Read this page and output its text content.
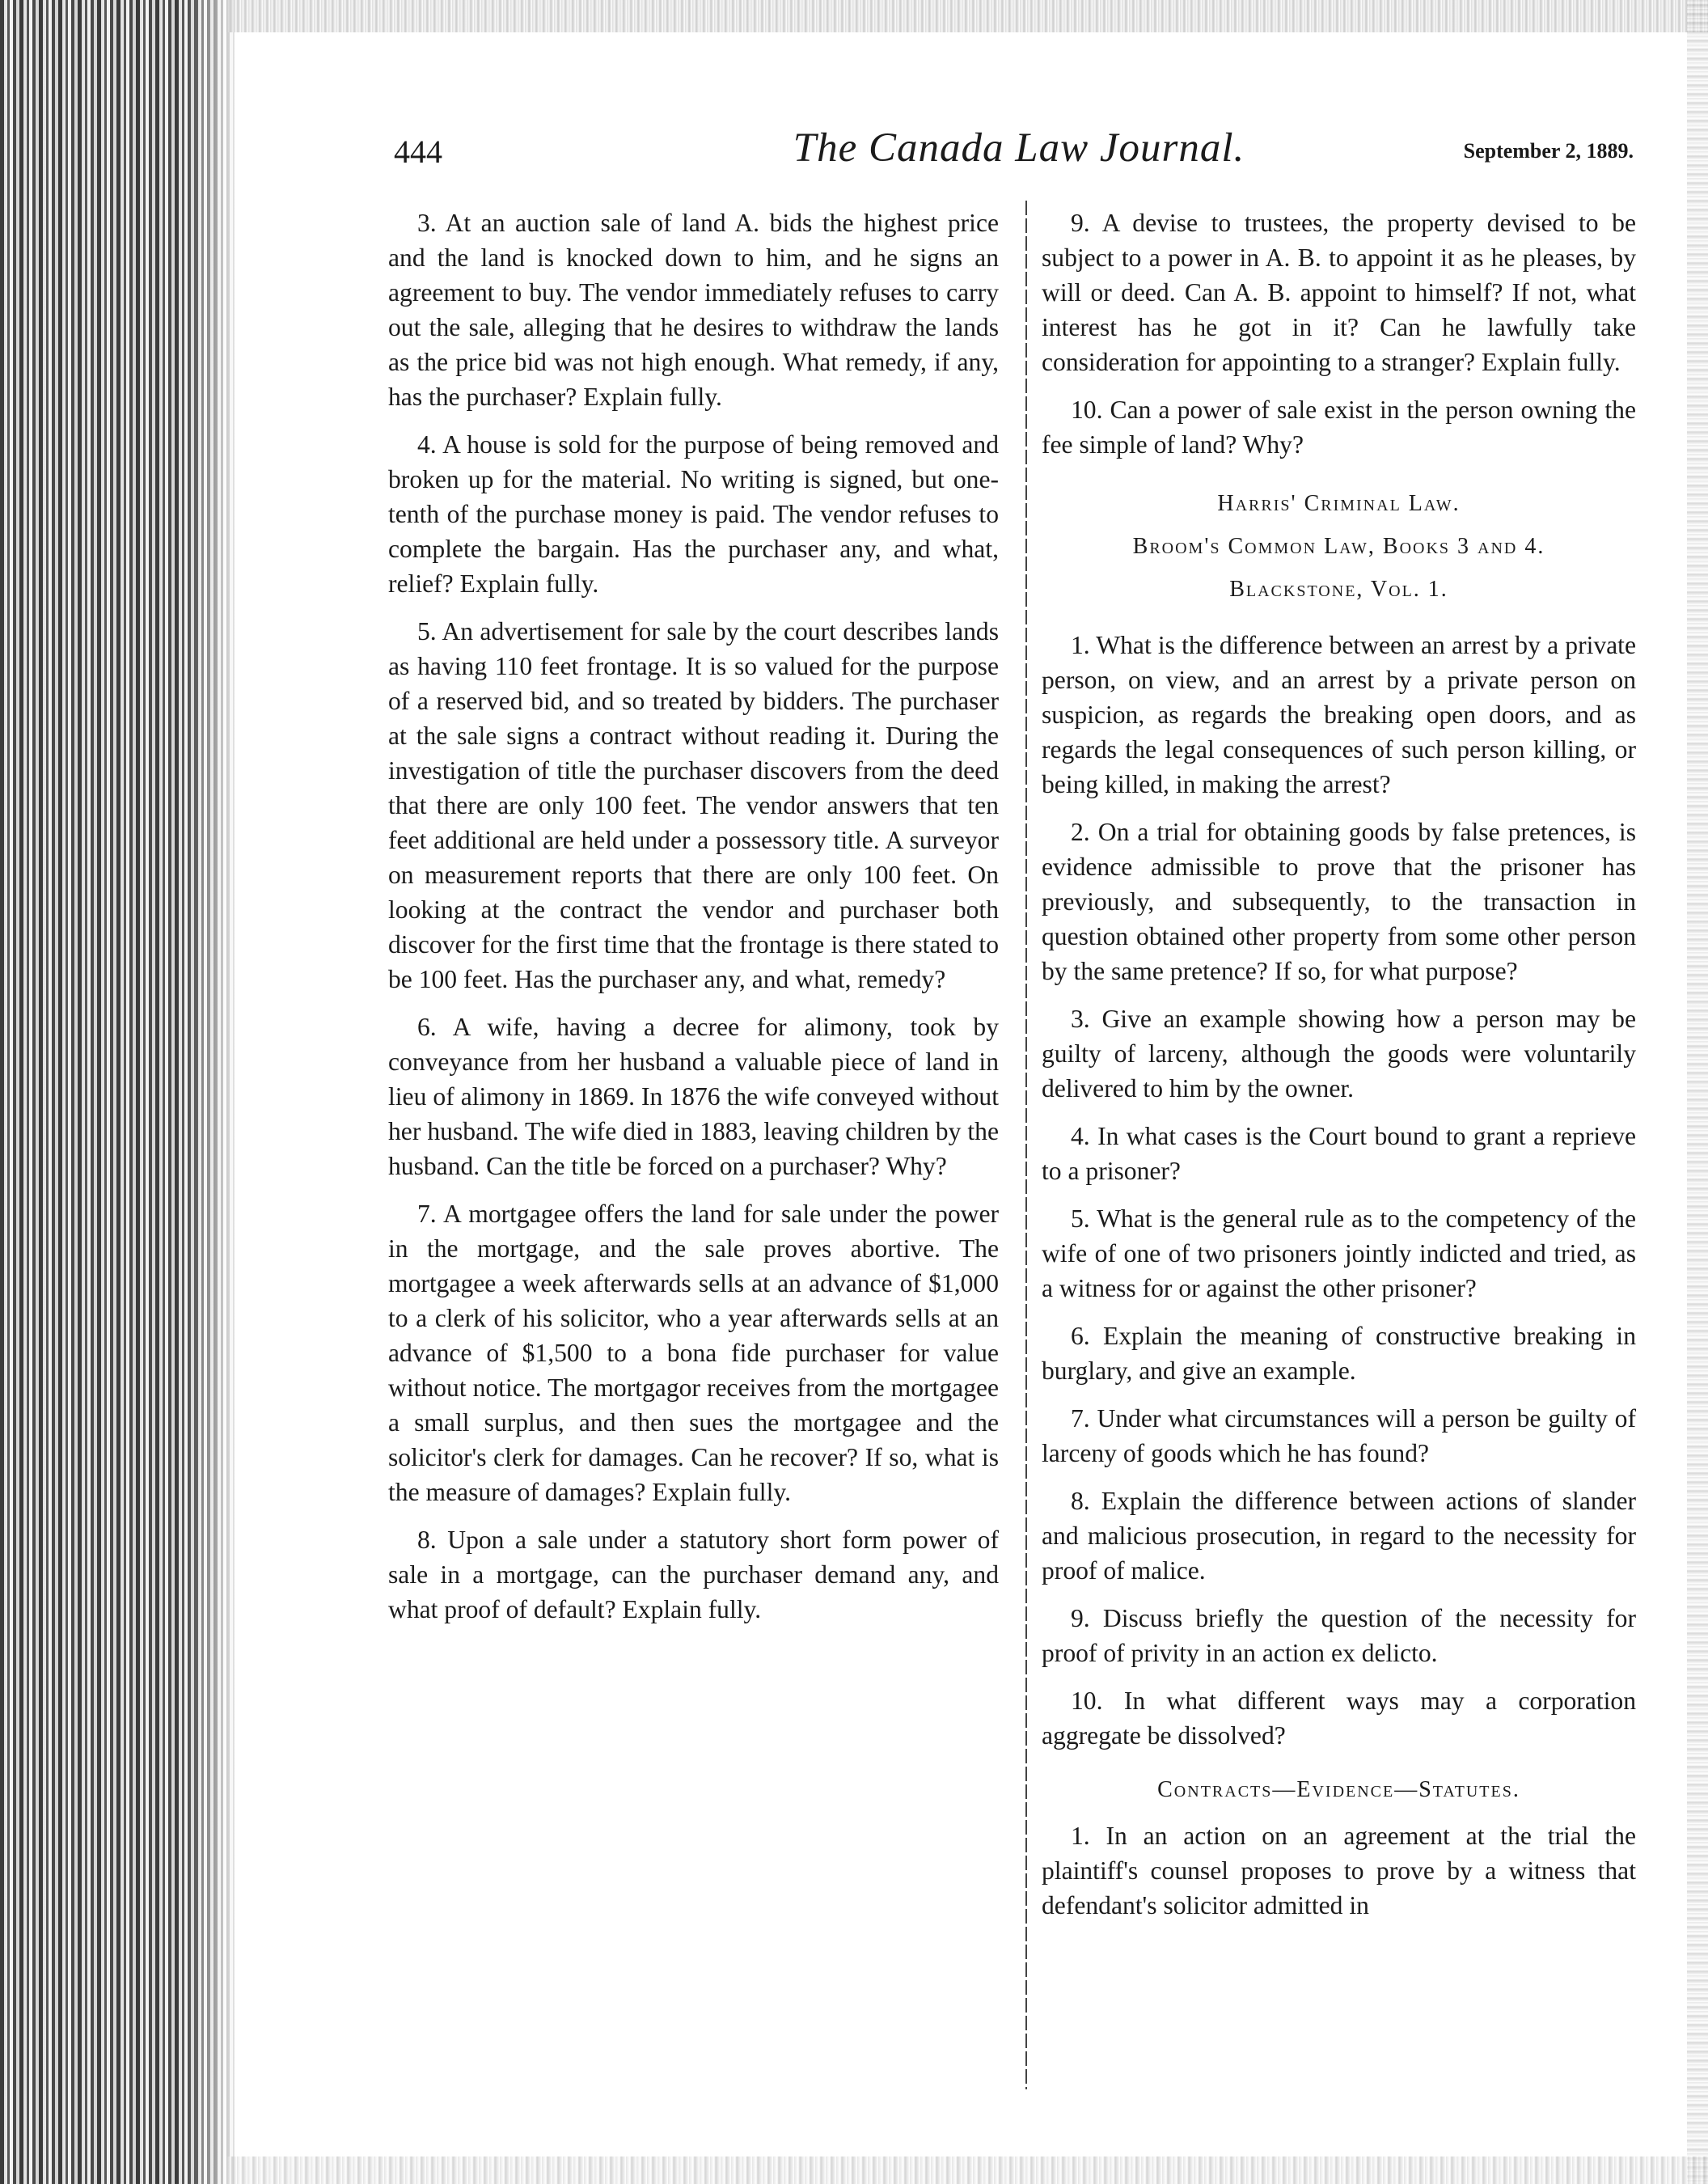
444	The Canada Law Journal.	September 2, 1889.

3. At an auction sale of land A. bids the highest price and the land is knocked down to him, and he signs an agreement to buy. The vendor immediately refuses to carry out the sale, alleging that he desires to withdraw the lands as the price bid was not high enough. What remedy, if any, has the purchaser? Explain fully.

4. A house is sold for the purpose of being removed and broken up for the material. No writing is signed, but one-tenth of the purchase money is paid. The vendor refuses to complete the bargain. Has the purchaser any, and what, relief? Explain fully.

5. An advertisement for sale by the court describes lands as having 110 feet frontage. It is so valued for the purpose of a reserved bid, and so treated by bidders. The purchaser at the sale signs a contract without reading it. During the investigation of title the purchaser discovers from the deed that there are only 100 feet. The vendor answers that ten feet additional are held under a possessory title. A surveyor on measurement reports that there are only 100 feet. On looking at the contract the vendor and purchaser both discover for the first time that the frontage is there stated to be 100 feet. Has the purchaser any, and what, remedy?

6. A wife, having a decree for alimony, took by conveyance from her husband a valuable piece of land in lieu of alimony in 1869. In 1876 the wife conveyed without her husband. The wife died in 1883, leaving children by the husband. Can the title be forced on a purchaser? Why?

7. A mortgagee offers the land for sale under the power in the mortgage, and the sale proves abortive. The mortgagee a week afterwards sells at an advance of $1,000 to a clerk of his solicitor, who a year afterwards sells at an advance of $1,500 to a bona fide purchaser for value without notice. The mortgagor receives from the mortgagee a small surplus, and then sues the mortgagee and the solicitor's clerk for damages. Can he recover? If so, what is the measure of damages? Explain fully.

8. Upon a sale under a statutory short form power of sale in a mortgage, can the purchaser demand any, and what proof of default? Explain fully.

9. A devise to trustees, the property devised to be subject to a power in A. B. to appoint it as he pleases, by will or deed. Can A. B. appoint to himself? If not, what interest has he got in it? Can he lawfully take consideration for appointing to a stranger? Explain fully.

10. Can a power of sale exist in the person owning the fee simple of land? Why?

Harris' Criminal Law.

Broom's Common Law, Books 3 and 4.

Blackstone, Vol. 1.

1. What is the difference between an arrest by a private person, on view, and an arrest by a private person on suspicion, as regards the breaking open doors, and as regards the legal consequences of such person killing, or being killed, in making the arrest?

2. On a trial for obtaining goods by false pretences, is evidence admissible to prove that the prisoner has previously, and subsequently, to the transaction in question obtained other property from some other person by the same pretence? If so, for what purpose?

3. Give an example showing how a person may be guilty of larceny, although the goods were voluntarily delivered to him by the owner.

4. In what cases is the Court bound to grant a reprieve to a prisoner?

5. What is the general rule as to the competency of the wife of one of two prisoners jointly indicted and tried, as a witness for or against the other prisoner?

6. Explain the meaning of constructive breaking in burglary, and give an example.

7. Under what circumstances will a person be guilty of larceny of goods which he has found?

8. Explain the difference between actions of slander and malicious prosecution, in regard to the necessity for proof of malice.

9. Discuss briefly the question of the necessity for proof of privity in an action ex delicto.

10. In what different ways may a corporation aggregate be dissolved?

Contracts—Evidence—Statutes.

1. In an action on an agreement at the trial the plaintiff's counsel proposes to prove by a witness that defendant's solicitor admitted in
